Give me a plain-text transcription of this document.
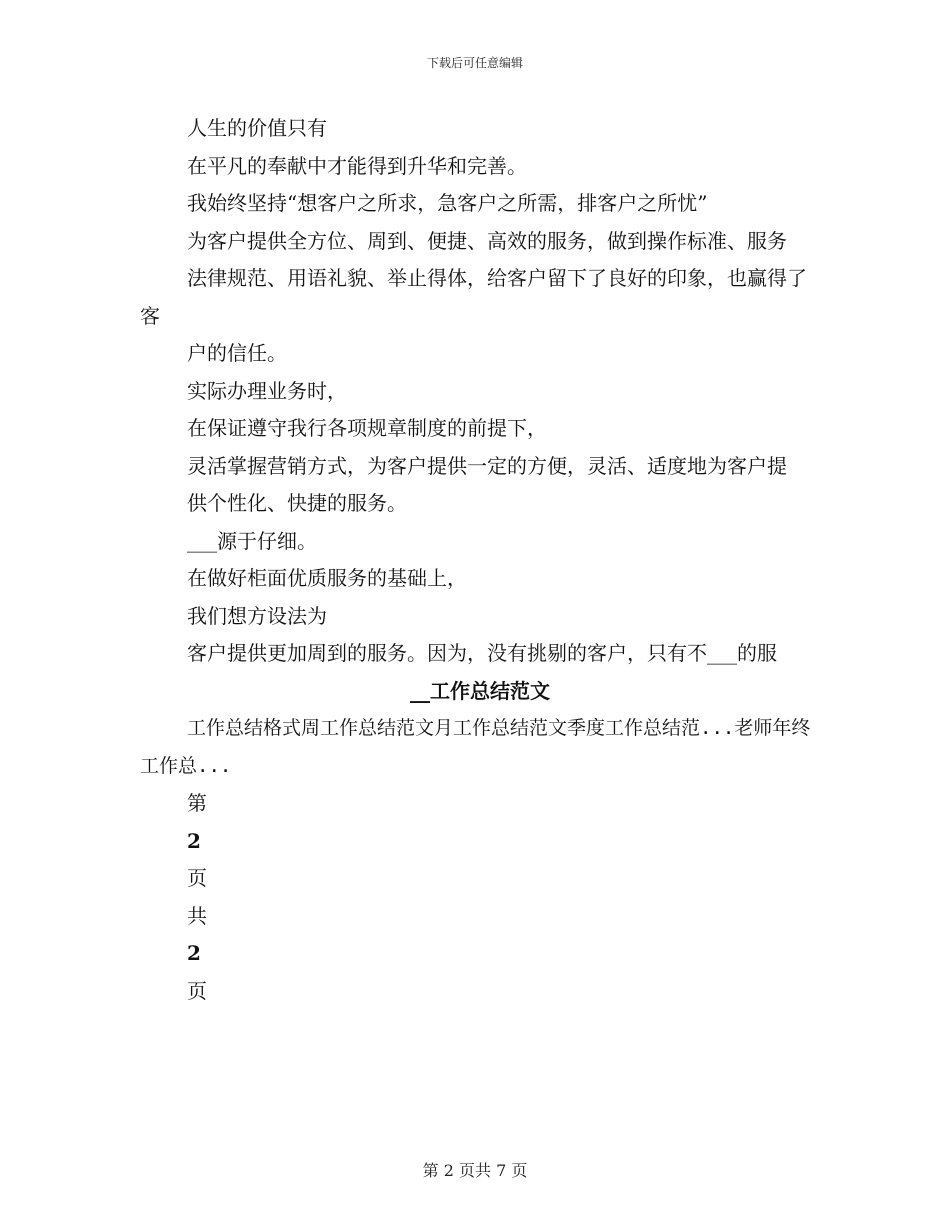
下载后可任意编辑

人生的价值只有

在平凡的奉献中才能得到升华和完善。

我始终坚持“想客户之所求，急客户之所需，排客户之所忧”

为客户提供全方位、周到、便捷、高效的服务，做到操作标准、服务

法律规范、用语礼貌、举止得体，给客户留下了良好的印象，也赢得了客

户的信任。

实际办理业务时，

在保证遵守我行各项规章制度的前提下，

灵活掌握营销方式，为客户提供一定的方便，灵活、适度地为客户提

供个性化、快捷的服务。

___源于仔细。

在做好柜面优质服务的基础上，

我们想方设法为

客户提供更加周到的服务。因为，没有挑剔的客户，只有不___的服

__工作总结范文

工作总结格式周工作总结范文月工作总结范文季度工作总结范...老师年终工作总...

第

2

页

共

2

页

第 2 页共 7 页
